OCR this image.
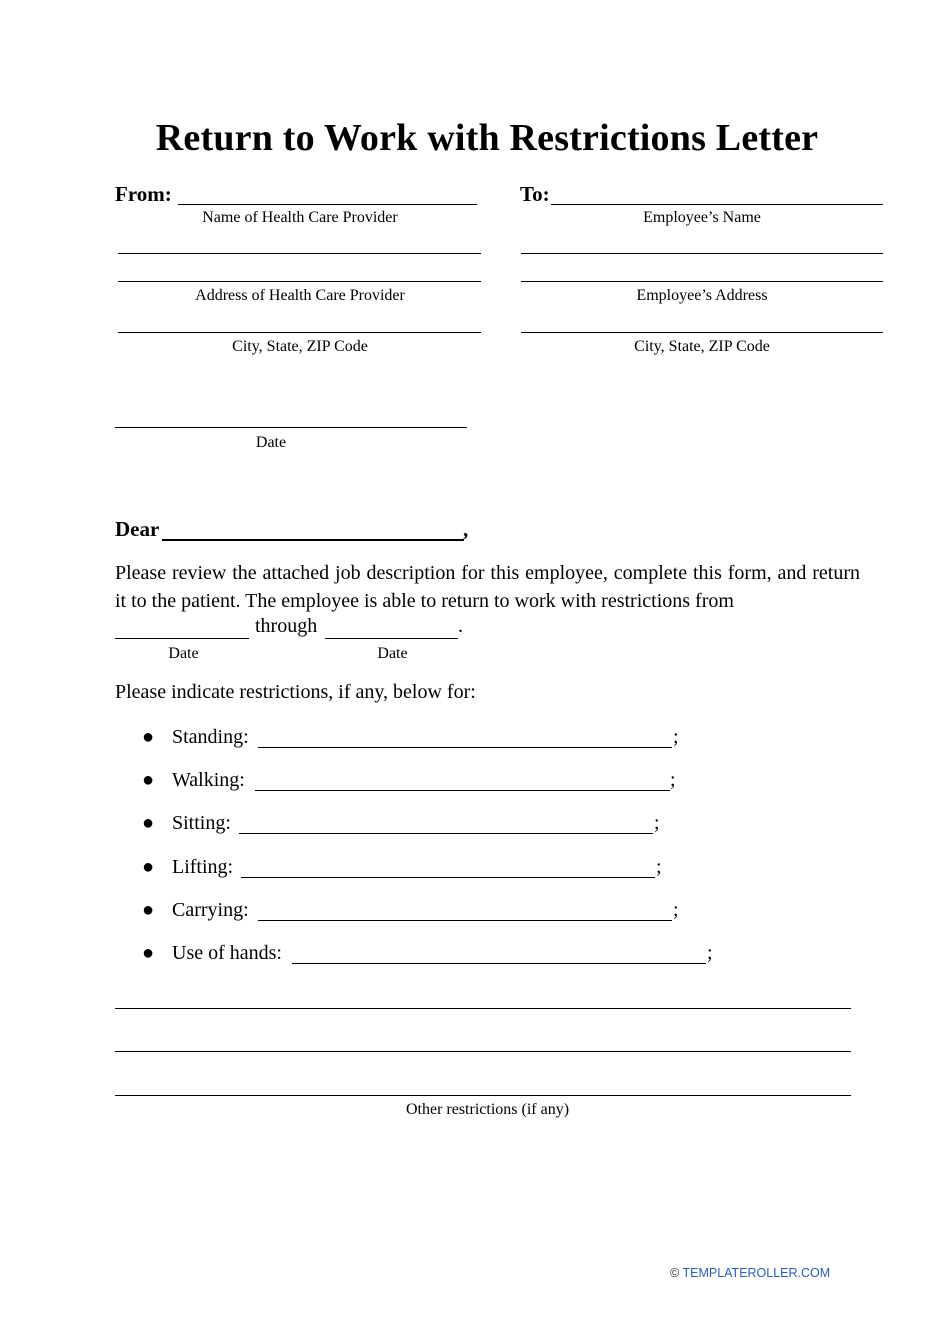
Return to Work with Restrictions Letter
From:
Name of Health Care Provider
Address of Health Care Provider
City, State, ZIP Code
To:
Employee’s Name
Employee’s Address
City, State, ZIP Code
Date
Dear	,
Please review the attached job description for this employee, complete this form, and return it to the patient. The employee is able to return to work with restrictions from
through	.
Date	Date
Please indicate restrictions, if any, below for:
● Standing:	;
● Walking:	;
● Sitting:	;
● Lifting:	;
● Carrying:	;
● Use of hands:	;
Other restrictions (if any)
© TEMPLATEROLLER.COM
